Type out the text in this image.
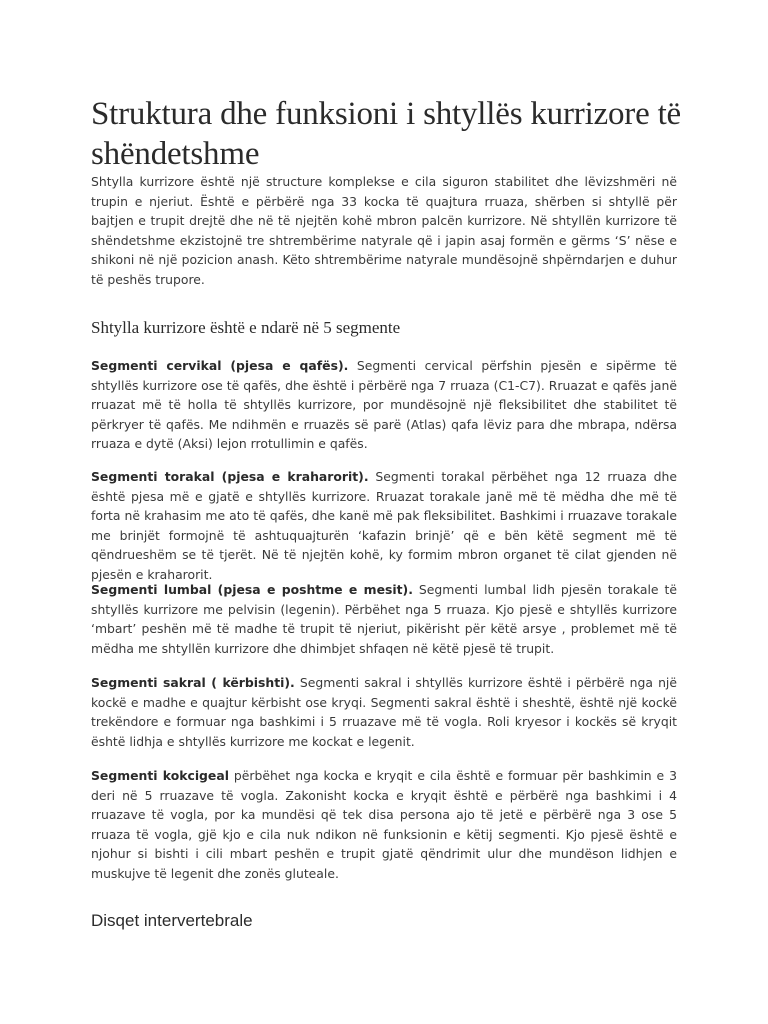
Struktura dhe funksioni i shtyllës kurrizore të shëndetshme

Shtylla kurrizore është një structure komplekse e cila siguron stabilitet dhe lëvizshmëri në trupin e njeriut. Është e përbërë nga 33 kocka të quajtura rruaza, shërben si shtyllë për bajtjen e trupit drejtë dhe në të njejtën kohë mbron palcën kurrizore. Në shtyllën kurrizore të shëndetshme ekzistojnë tre shtrembërime natyrale që i japin asaj formën e gërms ‘S’ nëse e shikoni në një pozicion anash. Këto shtrembërime natyrale mundësojnë shpërndarjen e duhur të peshës trupore.

Shtylla kurrizore është e ndarë në 5 segmente

Segmenti cervikal (pjesa e qafës). Segmenti cervical përfshin pjesën e sipërme të shtyllës kurrizore ose të qafës, dhe është i përbërë nga 7 rruaza (C1-C7). Rruazat e qafës janë rruazat më të holla të shtyllës kurrizore, por mundësojnë një fleksibilitet dhe stabilitet të përkryer të qafës. Me ndihmën e rruazës së parë (Atlas) qafa lëviz para dhe mbrapa, ndërsa rruaza e dytë (Aksi) lejon rrotullimin e qafës.

Segmenti torakal (pjesa e kraharorit). Segmenti torakal përbëhet nga 12 rruaza dhe është pjesa më e gjatë e shtyllës kurrizore. Rruazat torakale janë më të mëdha dhe më të forta në krahasim me ato të qafës, dhe kanë më pak fleksibilitet. Bashkimi i rruazave torakale me brinjët formojnë të ashtuquajturën ‘kafazin brinjë’ që e bën këtë segment më të qëndrueshëm se të tjerët. Në të njejtën kohë, ky formim mbron organet të cilat gjenden në pjesën e kraharorit.

Segmenti lumbal (pjesa e poshtme e mesit). Segmenti lumbal lidh pjesën torakale të shtyllës kurrizore me pelvisin (legenin). Përbëhet nga 5 rruaza. Kjo pjesë e shtyllës kurrizore ‘mbart’ peshën më të madhe të trupit të njeriut, pikërisht për këtë arsye , problemet më të mëdha me shtyllën kurrizore dhe dhimbjet shfaqen në këtë pjesë të trupit.

Segmenti sakral ( kërbishti). Segmenti sakral i shtyllës kurrizore është i përbërë nga një kockë e madhe e quajtur kërbisht ose kryqi. Segmenti sakral është i sheshtë, është një kockë trekëndore e formuar nga bashkimi i 5 rruazave më të vogla. Roli kryesor i kockës së kryqit është lidhja e shtyllës kurrizore me kockat e legenit.

Segmenti kokcigeal përbëhet nga kocka e kryqit e cila është e formuar për bashkimin e 3 deri në 5 rruazave të vogla. Zakonisht kocka e kryqit është e përbërë nga bashkimi i 4 rruazave të vogla, por ka mundësi që tek disa persona ajo të jetë e përbërë nga 3 ose 5 rruaza të vogla, gjë kjo e cila nuk ndikon në funksionin e këtij segmenti. Kjo pjesë është e njohur si bishti i cili mbart peshën e trupit gjatë qëndrimit ulur dhe mundëson lidhjen e muskujve të legenit dhe zonës gluteale.

Disqet intervertebrale
